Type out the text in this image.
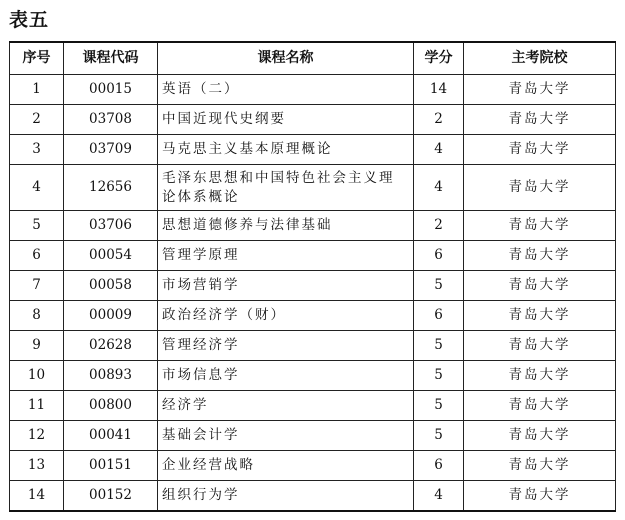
表五
序号	课程代码	课程名称	学分	主考院校
1	00015	英语（二）	14	青岛大学
2	03708	中国近现代史纲要	2	青岛大学
3	03709	马克思主义基本原理概论	4	青岛大学
4	12656	毛泽东思想和中国特色社会主义理论体系概论	4	青岛大学
5	03706	思想道德修养与法律基础	2	青岛大学
6	00054	管理学原理	6	青岛大学
7	00058	市场营销学	5	青岛大学
8	00009	政治经济学（财）	6	青岛大学
9	02628	管理经济学	5	青岛大学
10	00893	市场信息学	5	青岛大学
11	00800	经济学	5	青岛大学
12	00041	基础会计学	5	青岛大学
13	00151	企业经营战略	6	青岛大学
14	00152	组织行为学	4	青岛大学
